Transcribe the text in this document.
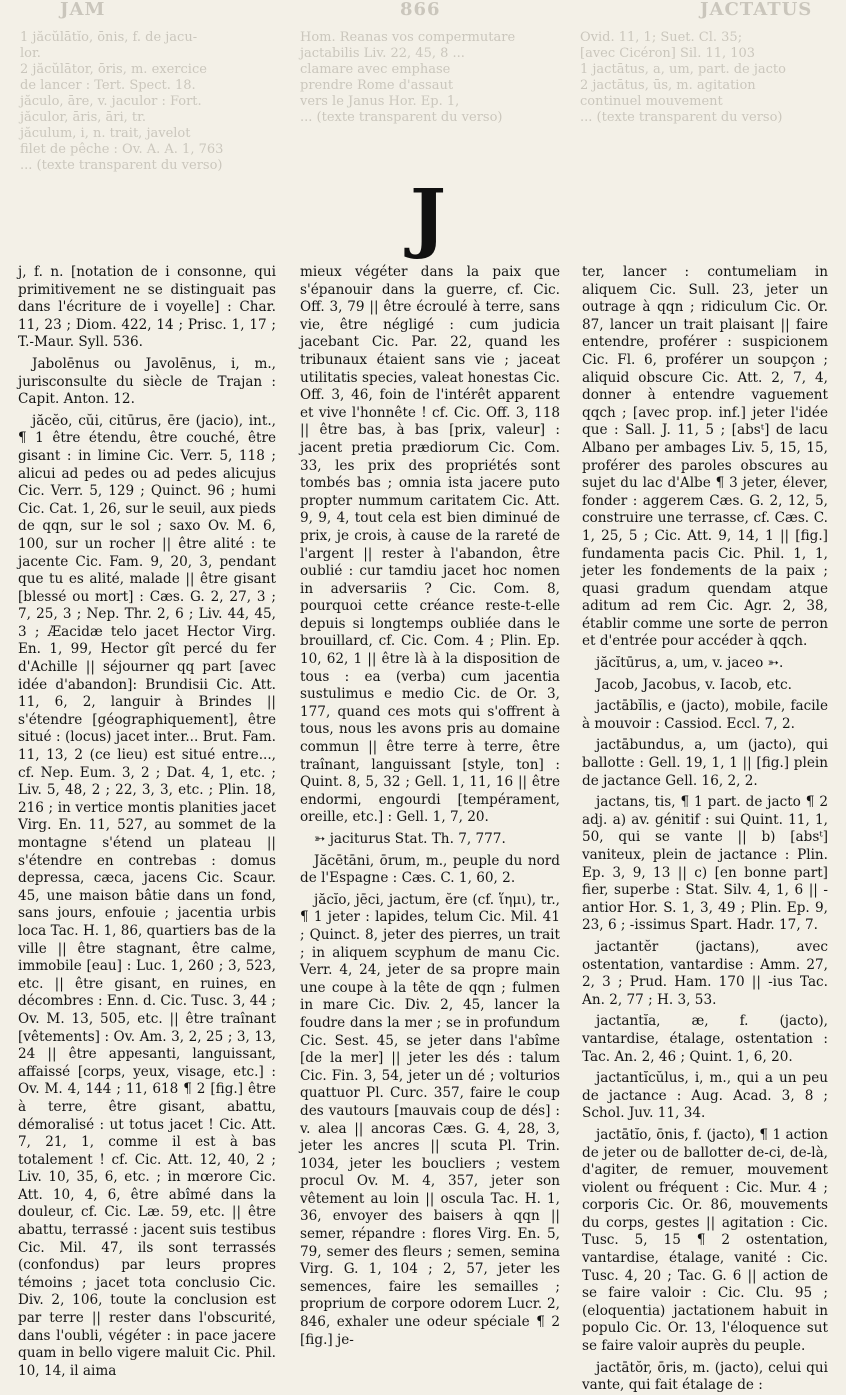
JAM	866	JACTATUS
1 jăcŭlātĭo, ōnis, f. de jacu-
lor.
2 jăcŭlātor, ōris, m. exercice
de lancer : Tert. Spect. 18.
jăculo, āre, v. jaculor : Fort.
jăculor, āris, āri, tr.
jăculum, i, n. trait, javelot
filet de pêche : Ov. A. A. 1, 763
... (texte transparent du verso)
Hom. Reanas vos compermutare
jactabilis Liv. 22, 45, 8 ...
clamare avec emphase
prendre Rome d'assaut
vers le Janus Hor. Ep. 1,
... (texte transparent du verso)
Ovid. 11, 1; Suet. Cl. 35;
[avec Cicéron] Sil. 11, 103
1 jactātus, a, um, part. de jacto
2 jactātus, ūs, m. agitation
continuel mouvement
... (texte transparent du verso)
J

j, f. n. [notation de i consonne, qui primitivement ne se distinguait pas dans l'écriture de i voyelle] : Char. 11, 23 ; Diom. 422, 14 ; Prisc. 1, 17 ; T.-Maur. Syll. 536.

Jabolēnus ou Javolēnus, i, m., jurisconsulte du siècle de Trajan : Capit. Anton. 12.

jăcĕo, cŭi, citūrus, ēre (jacio), int., ¶ 1 être étendu, être couché, être gisant : in limine Cic. Verr. 5, 118 ; alicui ad pedes ou ad pedes alicujus Cic. Verr. 5, 129 ; Quinct. 96 ; humi Cic. Cat. 1, 26, sur le seuil, aux pieds de qqn, sur le sol ; saxo Ov. M. 6, 100, sur un rocher || être alité : te jacente Cic. Fam. 9, 20, 3, pendant que tu es alité, malade || être gisant [blessé ou mort] : Cæs. G. 2, 27, 3 ; 7, 25, 3 ; Nep. Thr. 2, 6 ; Liv. 44, 45, 3 ; Æacidæ telo jacet Hector Virg. En. 1, 99, Hector gît percé du fer d'Achille || séjourner qq part [avec idée d'abandon]: Brundisii Cic. Att. 11, 6, 2, languir à Brindes || s'étendre [géographiquement], être situé : (locus) jacet inter... Brut. Fam. 11, 13, 2 (ce lieu) est situé entre..., cf. Nep. Eum. 3, 2 ; Dat. 4, 1, etc. ; Liv. 5, 48, 2 ; 22, 3, 3, etc. ; Plin. 18, 216 ; in vertice montis planities jacet Virg. En. 11, 527, au sommet de la montagne s'étend un plateau || s'étendre en contrebas : domus depressa, cæca, jacens Cic. Scaur. 45, une maison bâtie dans un fond, sans jours, enfouie ; jacentia urbis loca Tac. H. 1, 86, quartiers bas de la ville || être stagnant, être calme, immobile [eau] : Luc. 1, 260 ; 3, 523, etc. || être gisant, en ruines, en décombres : Enn. d. Cic. Tusc. 3, 44 ; Ov. M. 13, 505, etc. || être traînant [vêtements] : Ov. Am. 3, 2, 25 ; 3, 13, 24 || être appesanti, languissant, affaissé [corps, yeux, visage, etc.] : Ov. M. 4, 144 ; 11, 618 ¶ 2 [fig.] être à terre, être gisant, abattu, démoralisé : ut totus jacet ! Cic. Att. 7, 21, 1, comme il est à bas totalement ! cf. Cic. Att. 12, 40, 2 ; Liv. 10, 35, 6, etc. ; in mœrore Cic. Att. 10, 4, 6, être abîmé dans la douleur, cf. Cic. Læ. 59, etc. || être abattu, terrassé : jacent suis testibus Cic. Mil. 47, ils sont terrassés (confondus) par leurs propres témoins ; jacet tota conclusio Cic. Div. 2, 106, toute la conclusion est par terre || rester dans l'obscurité, dans l'oubli, végéter : in pace jacere quam in bello vigere maluit Cic. Phil. 10, 14, il aima

mieux végéter dans la paix que s'épanouir dans la guerre, cf. Cic. Off. 3, 79 || être écroulé à terre, sans vie, être négligé : cum judicia jacebant Cic. Par. 22, quand les tribunaux étaient sans vie ; jaceat utilitatis species, valeat honestas Cic. Off. 3, 46, foin de l'intérêt apparent et vive l'honnête ! cf. Cic. Off. 3, 118 || être bas, à bas [prix, valeur] : jacent pretia prædiorum Cic. Com. 33, les prix des propriétés sont tombés bas ; omnia ista jacere puto propter nummum caritatem Cic. Att. 9, 9, 4, tout cela est bien diminué de prix, je crois, à cause de la rareté de l'argent || rester à l'abandon, être oublié : cur tamdiu jacet hoc nomen in adversariis ? Cic. Com. 8, pourquoi cette créance reste-t-elle depuis si longtemps oubliée dans le brouillard, cf. Cic. Com. 4 ; Plin. Ep. 10, 62, 1 || être là à la disposition de tous : ea (verba) cum jacentia sustulimus e medio Cic. de Or. 3, 177, quand ces mots qui s'offrent à tous, nous les avons pris au domaine commun || être terre à terre, être traînant, languissant [style, ton] : Quint. 8, 5, 32 ; Gell. 1, 11, 16 || être endormi, engourdi [tempérament, oreille, etc.] : Gell. 1, 7, 20.

➳ jaciturus Stat. Th. 7, 777.

Jăcētāni, ōrum, m., peuple du nord de l'Espagne : Cæs. C. 1, 60, 2.

jăcĭo, jēci, jactum, ĕre (cf. ἵημι), tr., ¶ 1 jeter : lapides, telum Cic. Mil. 41 ; Quinct. 8, jeter des pierres, un trait ; in aliquem scyphum de manu Cic. Verr. 4, 24, jeter de sa propre main une coupe à la tête de qqn ; fulmen in mare Cic. Div. 2, 45, lancer la foudre dans la mer ; se in profundum Cic. Sest. 45, se jeter dans l'abîme [de la mer] || jeter les dés : talum Cic. Fin. 3, 54, jeter un dé ; volturios quattuor Pl. Curc. 357, faire le coup des vautours [mauvais coup de dés] : v. alea || ancoras Cæs. G. 4, 28, 3, jeter les ancres || scuta Pl. Trin. 1034, jeter les boucliers ; vestem procul Ov. M. 4, 357, jeter son vêtement au loin || oscula Tac. H. 1, 36, envoyer des baisers à qqn || semer, répandre : flores Virg. En. 5, 79, semer des fleurs ; semen, semina Virg. G. 1, 104 ; 2, 57, jeter les semences, faire les semailles ; proprium de corpore odorem Lucr. 2, 846, exhaler une odeur spéciale ¶ 2 [fig.] je-

ter, lancer : contumeliam in aliquem Cic. Sull. 23, jeter un outrage à qqn ; ridiculum Cic. Or. 87, lancer un trait plaisant || faire entendre, proférer : suspicionem Cic. Fl. 6, proférer un soupçon ; aliquid obscure Cic. Att. 2, 7, 4, donner à entendre vaguement qqch ; [avec prop. inf.] jeter l'idée que : Sall. J. 11, 5 ; [absᵗ] de lacu Albano per ambages Liv. 5, 15, 15, proférer des paroles obscures au sujet du lac d'Albe ¶ 3 jeter, élever, fonder : aggerem Cæs. G. 2, 12, 5, construire une terrasse, cf. Cæs. C. 1, 25, 5 ; Cic. Att. 9, 14, 1 || [fig.] fundamenta pacis Cic. Phil. 1, 1, jeter les fondements de la paix ; quasi gradum quendam atque aditum ad rem Cic. Agr. 2, 38, établir comme une sorte de perron et d'entrée pour accéder à qqch.

jăcĭtūrus, a, um, v. jaceo ➳.

Jacob, Jacobus, v. Iacob, etc.

jactābĭlis, e (jacto), mobile, facile à mouvoir : Cassiod. Eccl. 7, 2.

jactābundus, a, um (jacto), qui ballotte : Gell. 19, 1, 1 || [fig.] plein de jactance Gell. 16, 2, 2.

jactans, tis, ¶ 1 part. de jacto ¶ 2 adj. a) av. génitif : sui Quint. 11, 1, 50, qui se vante || b) [absᵗ] vaniteux, plein de jactance : Plin. Ep. 3, 9, 13 || c) [en bonne part] fier, superbe : Stat. Silv. 4, 1, 6 || -antior Hor. S. 1, 3, 49 ; Plin. Ep. 9, 23, 6 ; -issimus Spart. Hadr. 17, 7.

jactantĕr (jactans), avec ostentation, vantardise : Amm. 27, 2, 3 ; Prud. Ham. 170 || -ius Tac. An. 2, 77 ; H. 3, 53.

jactantĭa, æ, f. (jacto), vantardise, étalage, ostentation : Tac. An. 2, 46 ; Quint. 1, 6, 20.

jactantĭcŭlus, i, m., qui a un peu de jactance : Aug. Acad. 3, 8 ; Schol. Juv. 11, 34.

jactātĭo, ōnis, f. (jacto), ¶ 1 action de jeter ou de ballotter de-ci, de-là, d'agiter, de remuer, mouvement violent ou fréquent : Cic. Mur. 4 ; corporis Cic. Or. 86, mouvements du corps, gestes || agitation : Cic. Tusc. 5, 15 ¶ 2 ostentation, vantardise, étalage, vanité : Cic. Tusc. 4, 20 ; Tac. G. 6 || action de se faire valoir : Cic. Clu. 95 ; (eloquentia) jactationem habuit in populo Cic. Or. 13, l'éloquence sut se faire valoir auprès du peuple.

jactātŏr, ōris, m. (jacto), celui qui vante, qui fait étalage de :
